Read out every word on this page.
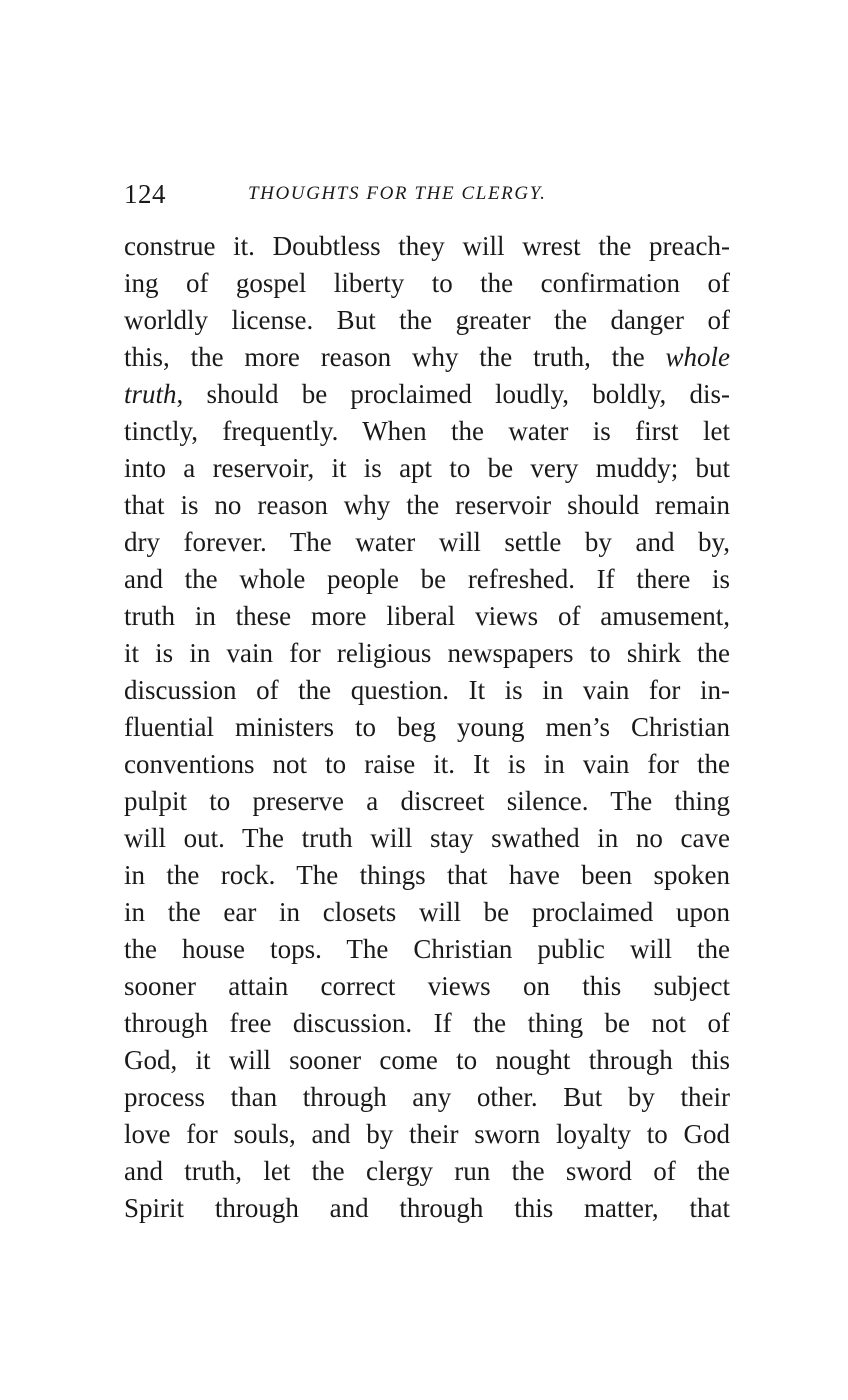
124	THOUGHTS FOR THE CLERGY.
construe it. Doubtless they will wrest the preach-
ing of gospel liberty to the confirmation of
worldly license. But the greater the danger of
this, the more reason why the truth, the whole
truth, should be proclaimed loudly, boldly, dis-
tinctly, frequently. When the water is first let
into a reservoir, it is apt to be very muddy; but
that is no reason why the reservoir should remain
dry forever. The water will settle by and by,
and the whole people be refreshed. If there is
truth in these more liberal views of amusement,
it is in vain for religious newspapers to shirk the
discussion of the question. It is in vain for in-
fluential ministers to beg young men’s Christian
conventions not to raise it. It is in vain for the
pulpit to preserve a discreet silence. The thing
will out. The truth will stay swathed in no cave
in the rock. The things that have been spoken
in the ear in closets will be proclaimed upon
the house tops. The Christian public will the
sooner attain correct views on this subject
through free discussion. If the thing be not of
God, it will sooner come to nought through this
process than through any other. But by their
love for souls, and by their sworn loyalty to God
and truth, let the clergy run the sword of the
Spirit through and through this matter, that
